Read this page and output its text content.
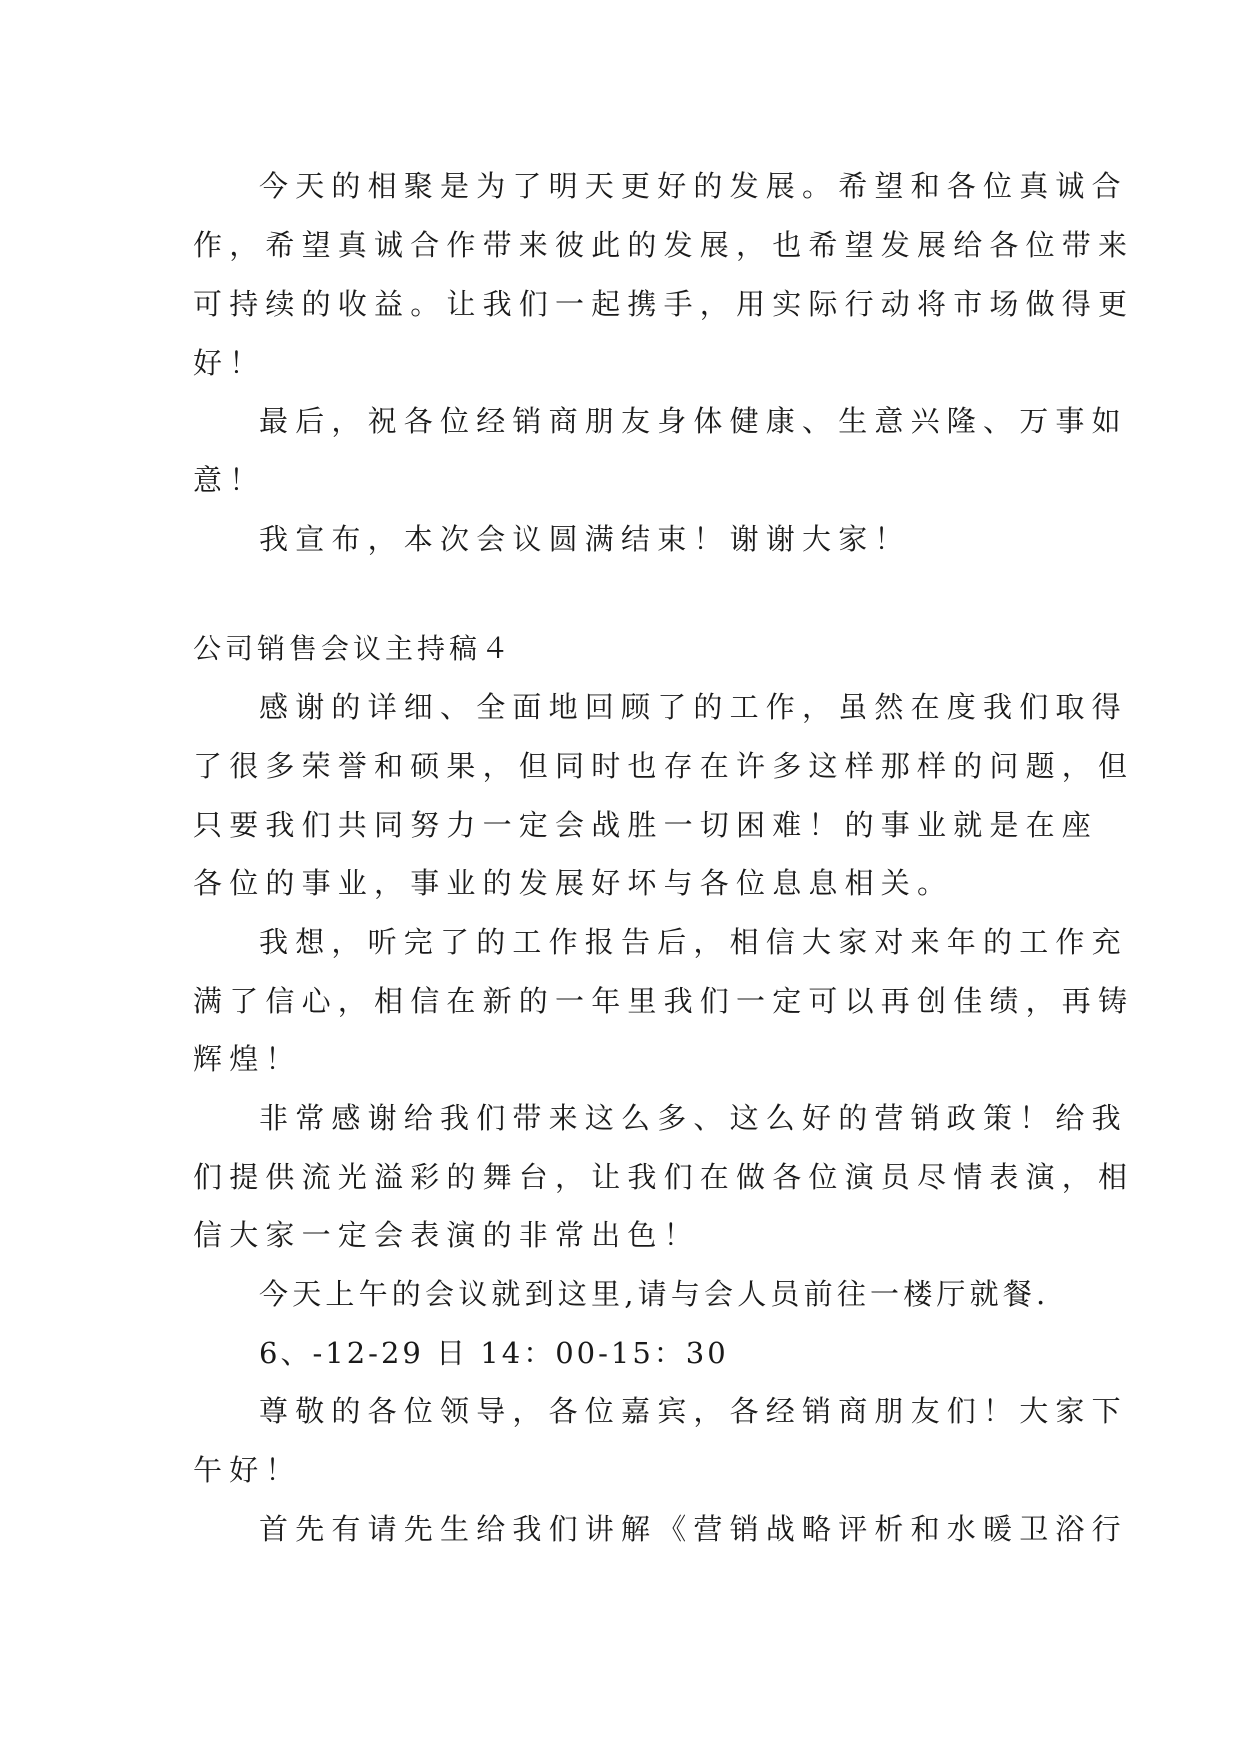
今天的相聚是为了明天更好的发展。希望和各位真诚合
作，希望真诚合作带来彼此的发展，也希望发展给各位带来
可持续的收益。让我们一起携手，用实际行动将市场做得更
好！
最后，祝各位经销商朋友身体健康、生意兴隆、万事如
意！
我宣布，本次会议圆满结束！谢谢大家！
公司销售会议主持稿４
感谢的详细、全面地回顾了的工作，虽然在度我们取得
了很多荣誉和硕果，但同时也存在许多这样那样的问题，但
只要我们共同努力一定会战胜一切困难！的事业就是在座
各位的事业，事业的发展好坏与各位息息相关。
我想，听完了的工作报告后，相信大家对来年的工作充
满了信心，相信在新的一年里我们一定可以再创佳绩，再铸
辉煌！
非常感谢给我们带来这么多、这么好的营销政策！给我
们提供流光溢彩的舞台，让我们在做各位演员尽情表演，相
信大家一定会表演的非常出色！
今天上午的会议就到这里,请与会人员前往一楼厅就餐.
6、-12-29 日 14：00-15：30
尊敬的各位领导，各位嘉宾，各经销商朋友们！大家下
午好！
首先有请先生给我们讲解《营销战略评析和水暖卫浴行
